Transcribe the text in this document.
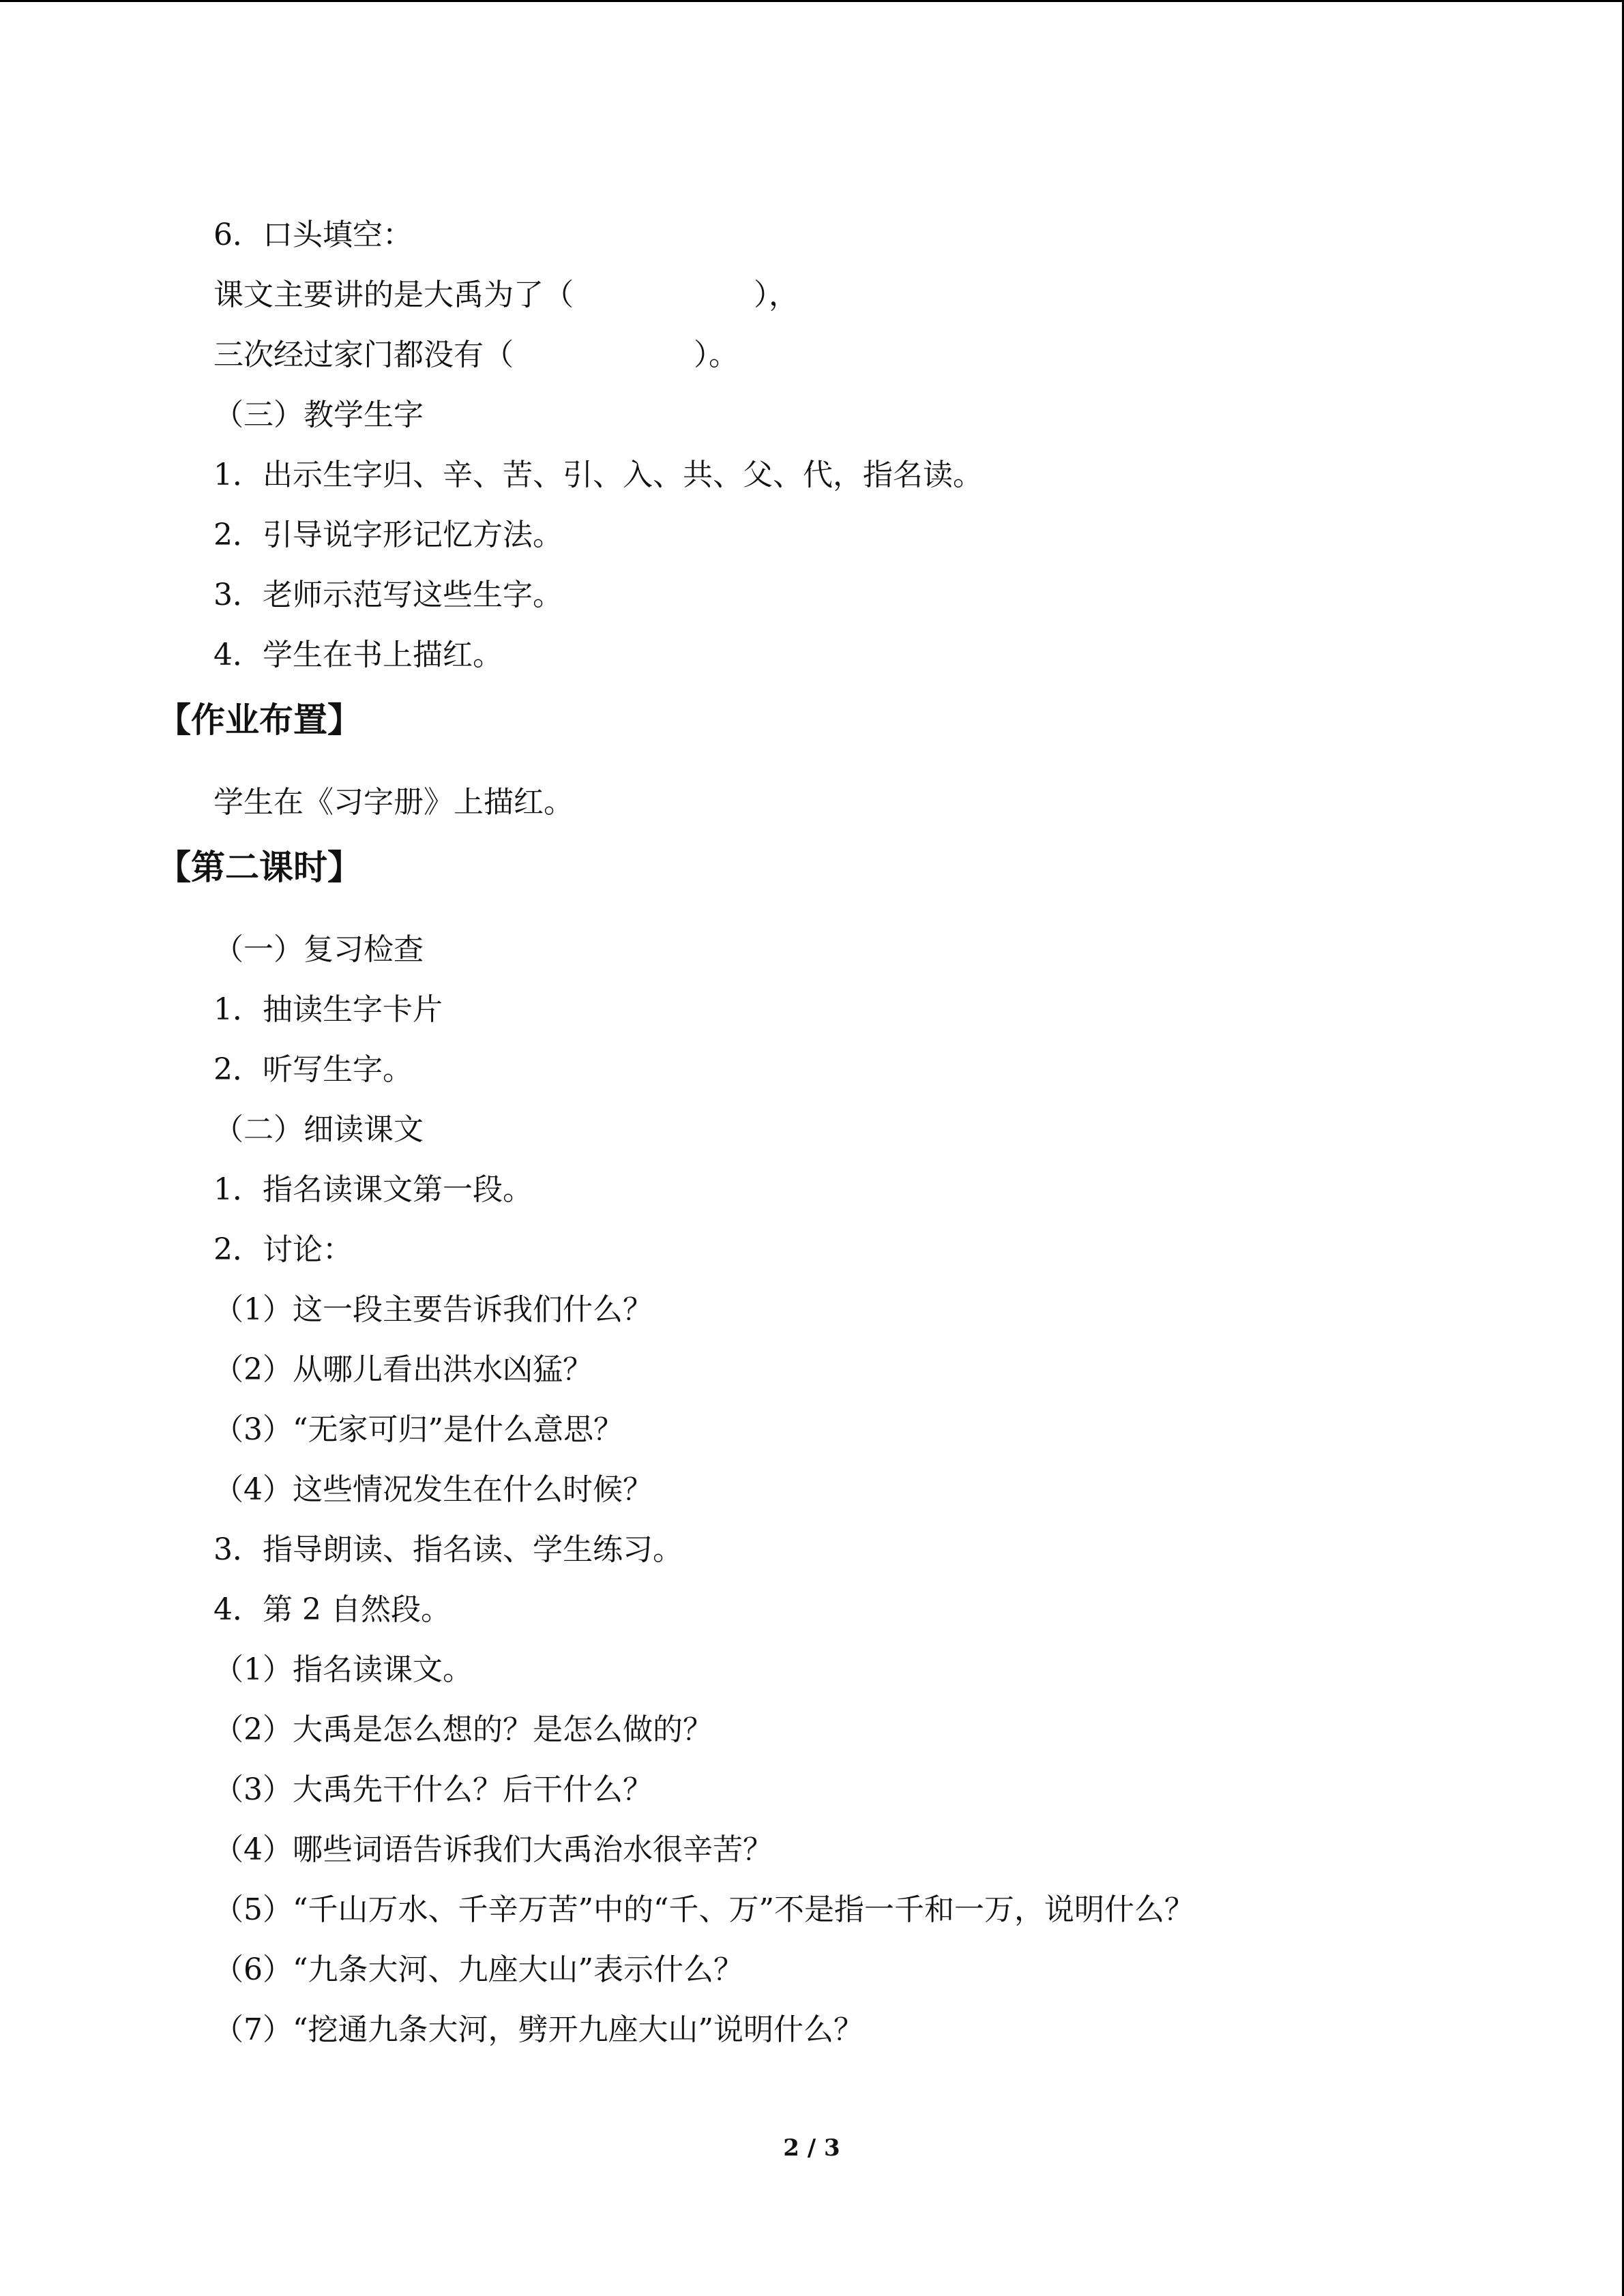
6．口头填空：
课文主要讲的是大禹为了（　　　　　　），
三次经过家门都没有（　　　　　　）。
（三）教学生字
1．出示生字归、辛、苦、引、入、共、父、代，指名读。
2．引导说字形记忆方法。
3．老师示范写这些生字。
4．学生在书上描红。
【作业布置】
学生在《习字册》上描红。
【第二课时】
（一）复习检查
1．抽读生字卡片
2．听写生字。
（二）细读课文
1．指名读课文第一段。
2．讨论：
（1）这一段主要告诉我们什么？
（2）从哪儿看出洪水凶猛？
（3）“无家可归”是什么意思？
（4）这些情况发生在什么时候？
3．指导朗读、指名读、学生练习。
4．第 2 自然段。
（1）指名读课文。
（2）大禹是怎么想的？是怎么做的？
（3）大禹先干什么？后干什么？
（4）哪些词语告诉我们大禹治水很辛苦？
（5）“千山万水、千辛万苦”中的“千、万”不是指一千和一万，说明什么？
（6）“九条大河、九座大山”表示什么？
（7）“挖通九条大河，劈开九座大山”说明什么？
2 / 3
